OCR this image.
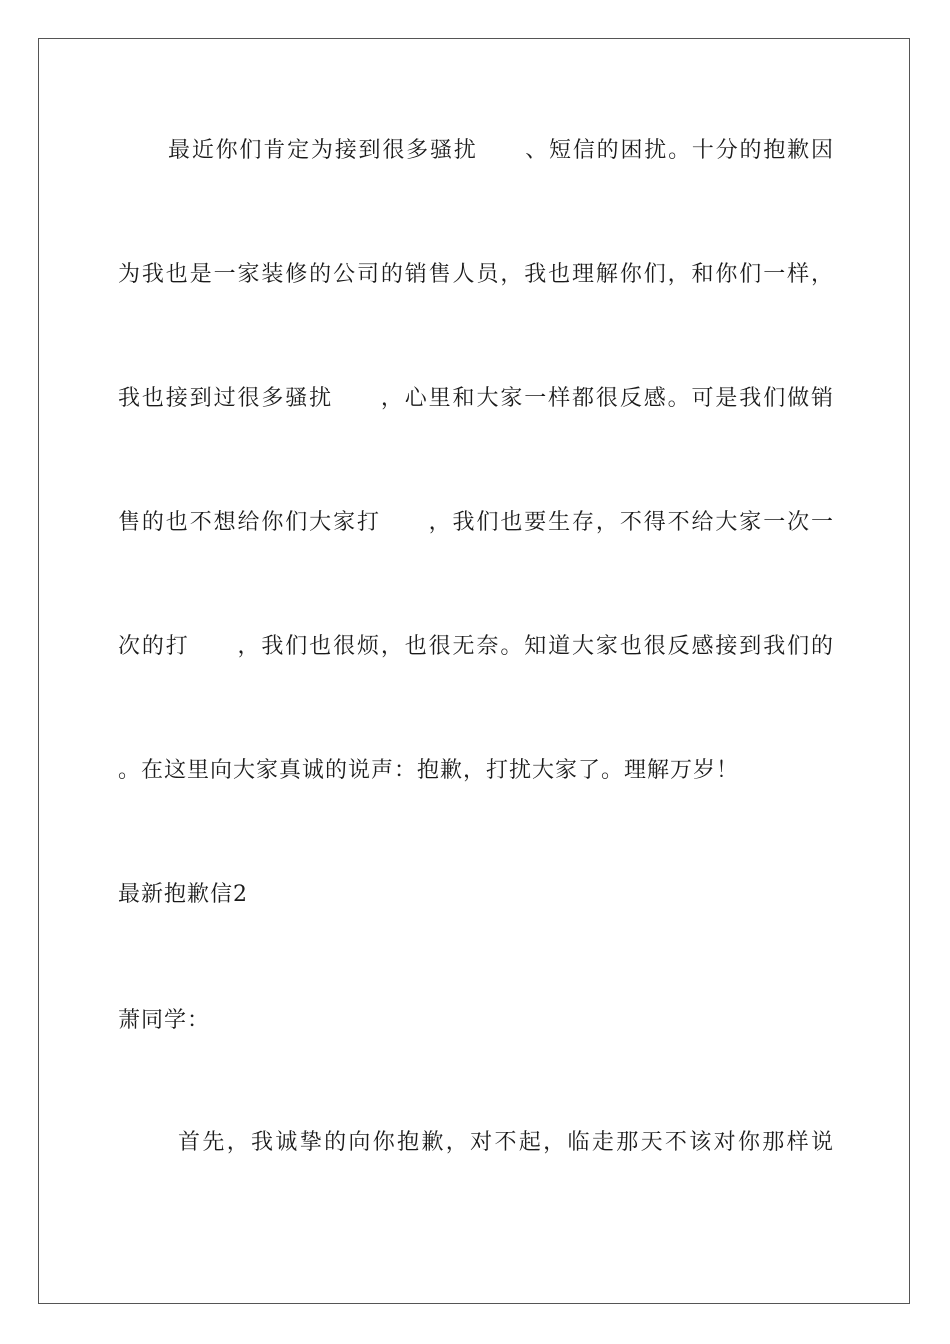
最近你们肯定为接到很多骚扰　　、短信的困扰。十分的抱歉因
为我也是一家装修的公司的销售人员，我也理解你们，和你们一样，
我也接到过很多骚扰　　，心里和大家一样都很反感。可是我们做销
售的也不想给你们大家打　　，我们也要生存，不得不给大家一次一
次的打　　，我们也很烦，也很无奈。知道大家也很反感接到我们的
。在这里向大家真诚的说声：抱歉，打扰大家了。理解万岁！
最新抱歉信2
萧同学：
首先，我诚挚的向你抱歉，对不起，临走那天不该对你那样说
